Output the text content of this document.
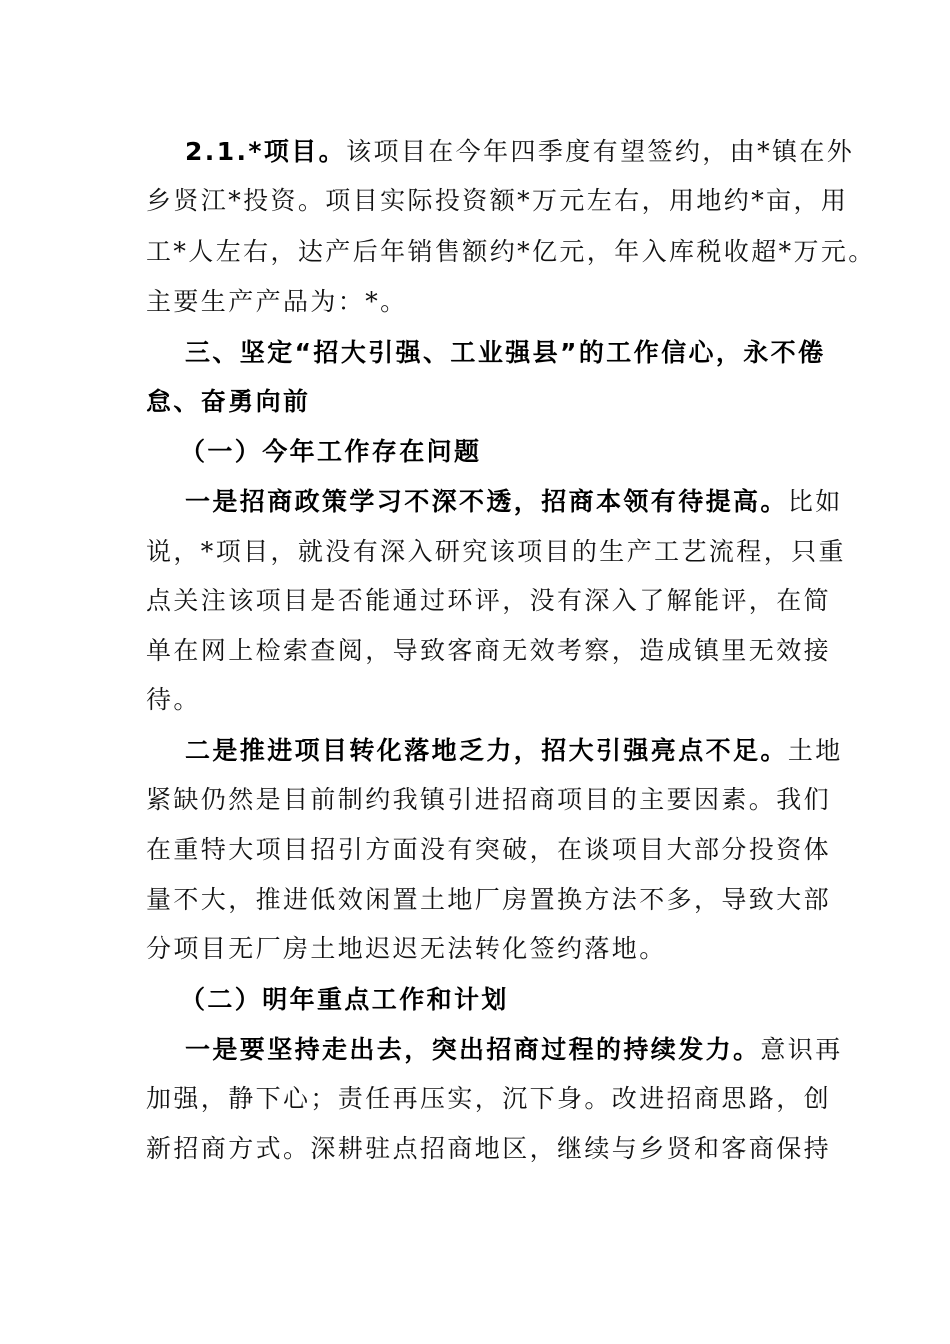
2.1.*项目。该项目在今年四季度有望签约，由*镇在外
乡贤江*投资。项目实际投资额*万元左右，用地约*亩，用
工*人左右，达产后年销售额约*亿元，年入库税收超*万元。
主要生产产品为：*。
三、坚定“招大引强、工业强县”的工作信心，永不倦
怠、奋勇向前
（一）今年工作存在问题
一是招商政策学习不深不透，招商本领有待提高。比如
说，*项目，就没有深入研究该项目的生产工艺流程，只重
点关注该项目是否能通过环评，没有深入了解能评，在简
单在网上检索查阅，导致客商无效考察，造成镇里无效接
待。
二是推进项目转化落地乏力，招大引强亮点不足。土地
紧缺仍然是目前制约我镇引进招商项目的主要因素。我们
在重特大项目招引方面没有突破，在谈项目大部分投资体
量不大，推进低效闲置土地厂房置换方法不多，导致大部
分项目无厂房土地迟迟无法转化签约落地。
（二）明年重点工作和计划
一是要坚持走出去，突出招商过程的持续发力。意识再
加强，静下心；责任再压实，沉下身。改进招商思路，创
新招商方式。深耕驻点招商地区，继续与乡贤和客商保持
